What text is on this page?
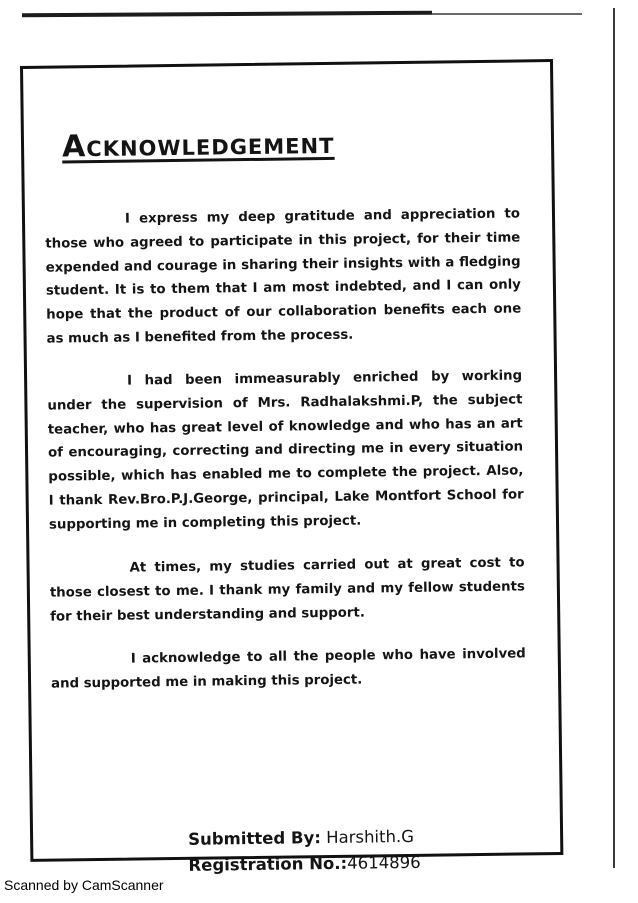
Acknowledgement

I express my deep gratitude and appreciation to those who agreed to participate in this project, for their time expended and courage in sharing their insights with a fledging student. It is to them that I am most indebted, and I can only hope that the product of our collaboration benefits each one as much as I benefited from the process.

I had been immeasurably enriched by working under the supervision of Mrs. Radhalakshmi.P, the subject teacher, who has great level of knowledge and who has an art of encouraging, correcting and directing me in every situation possible, which has enabled me to complete the project. Also, I thank Rev.Bro.P.J.George, principal, Lake Montfort School for supporting me in completing this project.

At times, my studies carried out at great cost to those closest to me. I thank my family and my fellow students for their best understanding and support.

I acknowledge to all the people who have involved and supported me in making this project.

Submitted By: Harshith.G
Registration No.:4614896
Scanned by CamScanner
